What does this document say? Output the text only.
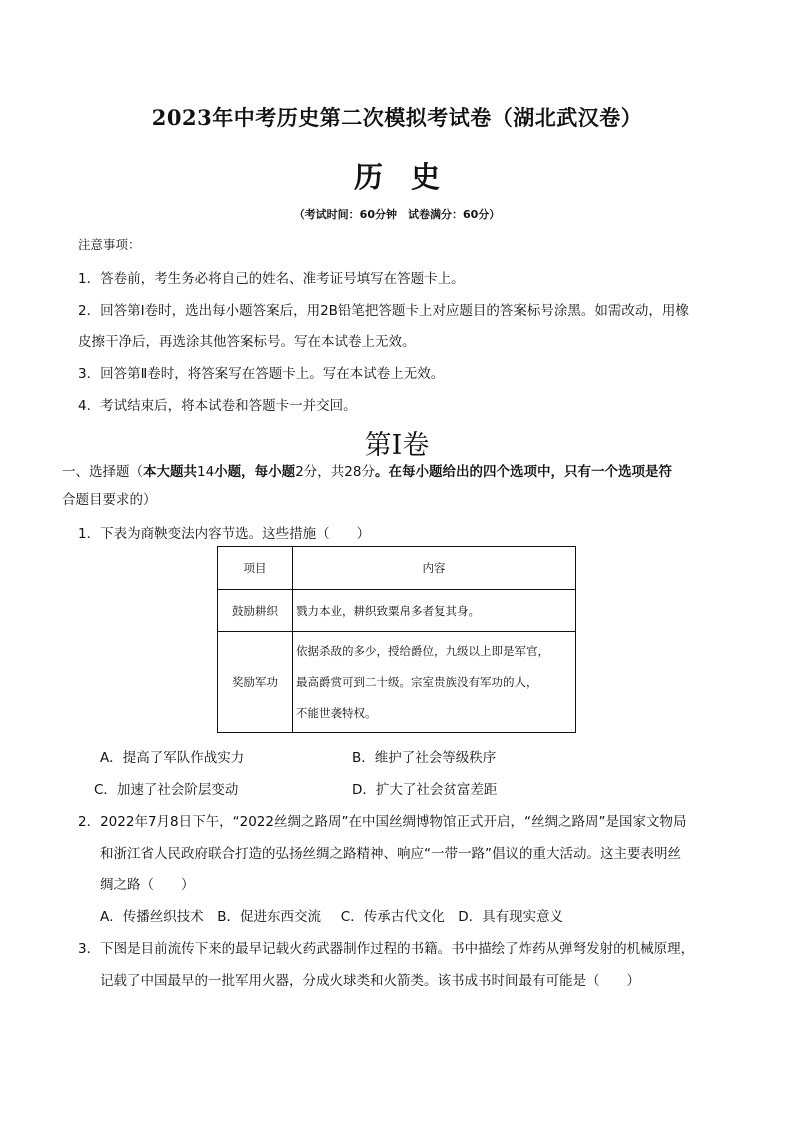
2023年中考历史第二次模拟考试卷（湖北武汉卷）
历史
（考试时间：60分钟　试卷满分：60分）
注意事项：
1．答卷前，考生务必将自己的姓名、准考证号填写在答题卡上。
2．回答第Ⅰ卷时，选出每小题答案后，用2B铅笔把答题卡上对应题目的答案标号涂黑。如需改动，用橡
皮擦干净后，再选涂其他答案标号。写在本试卷上无效。
3．回答第Ⅱ卷时，将答案写在答题卡上。写在本试卷上无效。
4．考试结束后，将本试卷和答题卡一并交回。
第Ⅰ卷
一、选择题（本大题共14小题，每小题2分，共28分。在每小题给出的四个选项中，只有一个选项是符
合题目要求的）
1．下表为商鞅变法内容节选。这些措施（　　）
项目	内容
鼓励耕织	戮力本业，耕织致粟帛多者复其身。
奖励军功	依据杀敌的多少，授给爵位，九级以上即是军官，
最高爵赏可到二十级。宗室贵族没有军功的人，
不能世袭特权。
A．提高了军队作战实力	B．维护了社会等级秩序
C．加速了社会阶层变动	D．扩大了社会贫富差距
2．2022年7月8日下午，“2022丝绸之路周”在中国丝绸博物馆正式开启，“丝绸之路周”是国家文物局
和浙江省人民政府联合打造的弘扬丝绸之路精神、响应“一带一路”倡议的重大活动。这主要表明丝
绸之路（　　）
A．传播丝织技术　B．促进东西交流　 C．传承古代文化　D．具有现实意义
3．下图是目前流传下来的最早记载火药武器制作过程的书籍。书中描绘了炸药从弹弩发射的机械原理，
记载了中国最早的一批军用火器，分成火球类和火箭类。该书成书时间最有可能是（　　）
